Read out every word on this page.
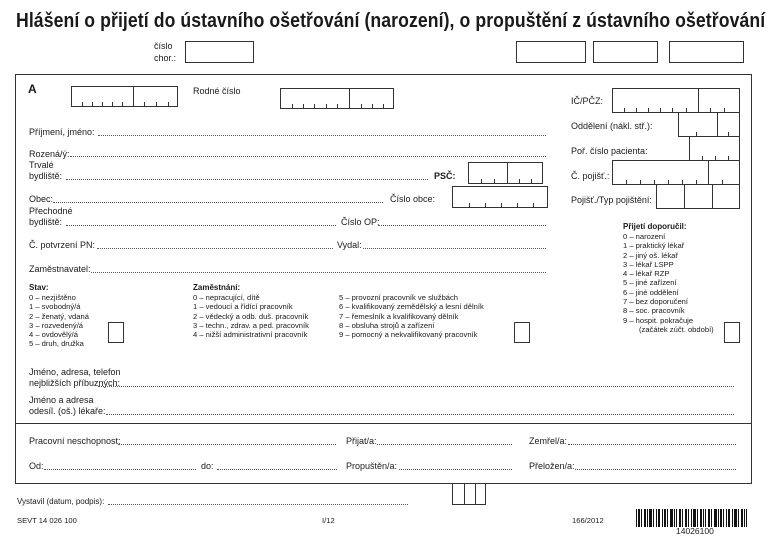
Hlášení o přijetí do ústavního ošetřování (narození), o propuštění z ústavního ošetřování
číslo
chor.:
A	Rodné číslo
Příjmení, jméno:
Rozená/ý:
Trvalé
bydliště:	PSČ:
Obec:	Číslo obce:
Přechodné
bydliště:	Číslo OP:
Č. potvrzení PN:	Vydal:
Zaměstnavatel:
IČ/PČZ:
Oddělení (nákl. stř.):
Poř. číslo pacienta:
Č. pojišť.:
Pojišť./Typ pojištění:
Přijetí doporučil:
0 – narození
1 – praktický lékař
2 – jiný oš. lékař
3 – lékař LSPP
4 – lékař RZP
5 – jiné zařízení
6 – jiné oddělení
7 – bez doporučení
8 – soc. pracovník
9 – hospit. pokračuje
(začátek zúčt. období)
Stav:
0 – nezjištěno
1 – svobodný/á
2 – ženatý, vdaná
3 – rozvedený/á
4 – ovdovělý/á
5 – druh, družka
Zaměstnání:
0 – nepracující, dítě
1 – vedoucí a řídící pracovník
2 – vědecký a odb. duš. pracovník
3 – techn., zdrav. a ped. pracovník
4 – nižší administrativní pracovník
5 – provozní pracovník ve službách
6 – kvalifikovaný zemědělský a lesní dělník
7 – řemeslník a kvalifikovaný dělník
8 – obsluha strojů a zařízení
9 – pomocný a nekvalifikovaný pracovník
Jméno, adresa, telefon
nejbližších příbuzných:
Jméno a adresa
odesíl. (oš.) lékaře:
Pracovní neschopnost:	Přijat/a:	Zemřel/a:
Od:	do:	Propuštěn/a:	Přeložen/a:
Vystavil (datum, podpis):
SEVT 14 026 100	I/12	166/2012
14026100
